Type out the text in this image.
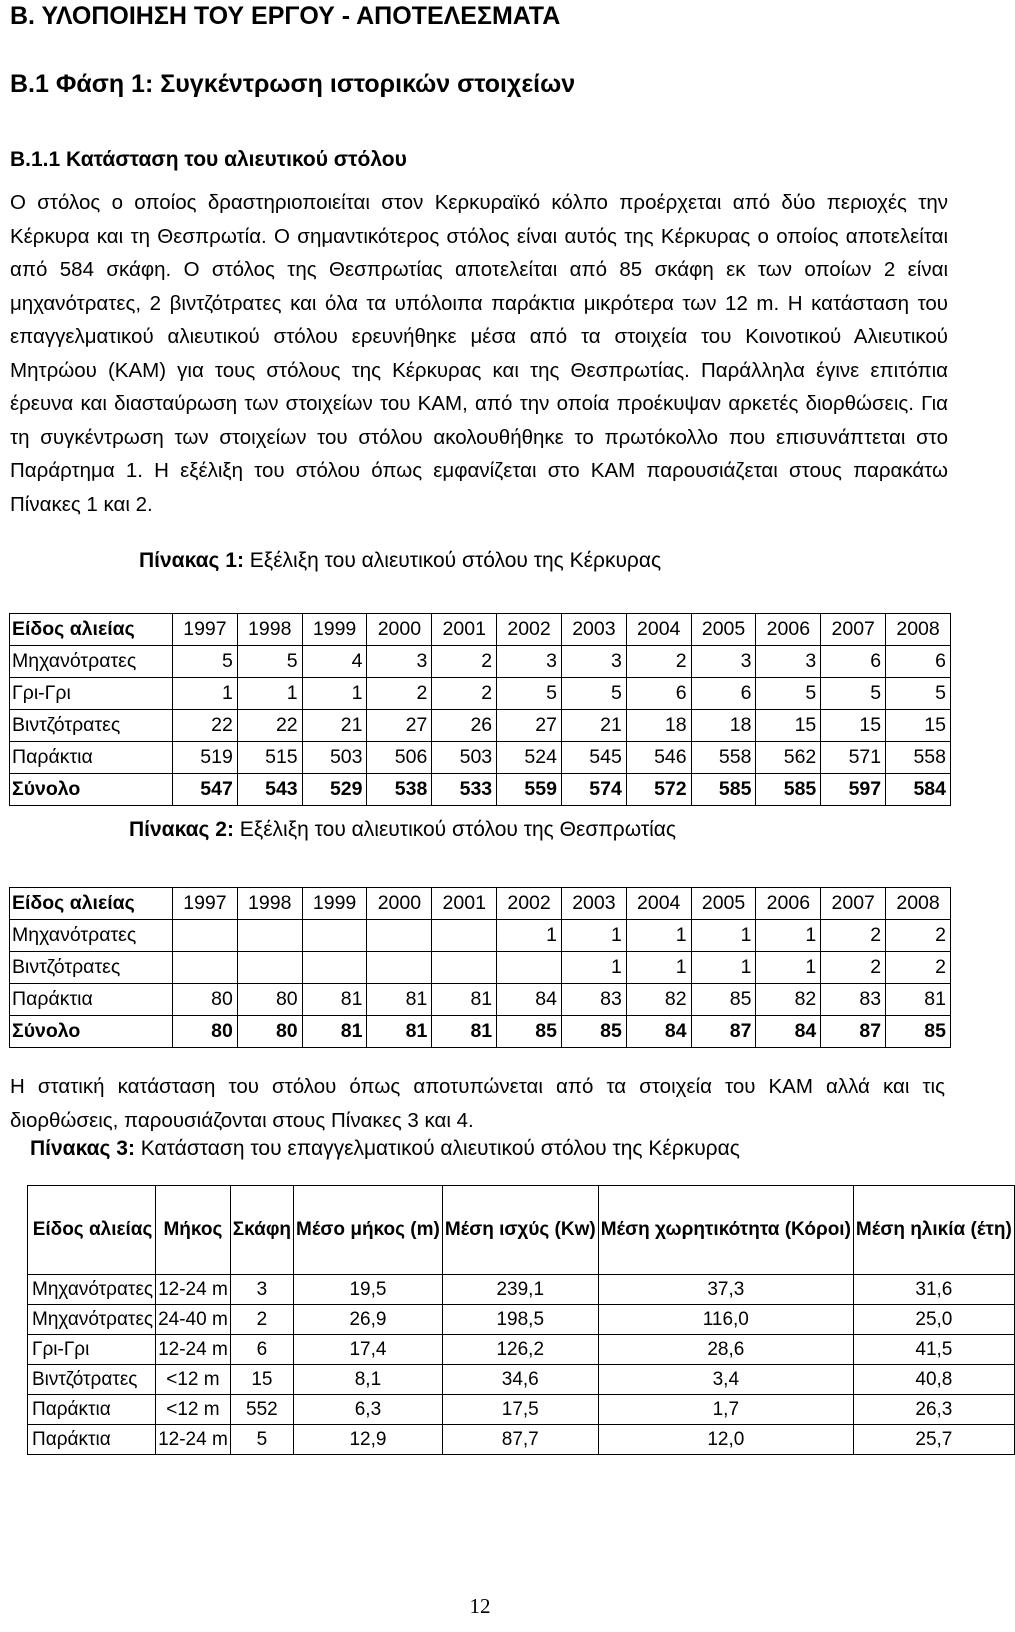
Β. ΥΛΟΠΟΙΗΣΗ ΤΟΥ ΕΡΓΟΥ - ΑΠΟΤΕΛΕΣΜΑΤΑ
Β.1 Φάση 1: Συγκέντρωση ιστορικών στοιχείων
Β.1.1 Κατάσταση του αλιευτικού στόλου

Ο στόλος ο οποίος δραστηριοποιείται στον Κερκυραϊκό κόλπο προέρχεται από δύο περιοχές την Κέρκυρα και τη Θεσπρωτία. Ο σημαντικότερος στόλος είναι αυτός της Κέρκυρας ο οποίος αποτελείται από 584 σκάφη. Ο στόλος της Θεσπρωτίας αποτελείται από 85 σκάφη εκ των οποίων 2 είναι μηχανότρατες, 2 βιντζότρατες και όλα τα υπόλοιπα παράκτια μικρότερα των 12 m. Η κατάσταση του επαγγελματικού αλιευτικού στόλου ερευνήθηκε μέσα από τα στοιχεία του Κοινοτικού Αλιευτικού Μητρώου (ΚΑΜ) για τους στόλους της Κέρκυρας και της Θεσπρωτίας. Παράλληλα έγινε επιτόπια έρευνα και διασταύρωση των στοιχείων του ΚΑΜ, από την οποία προέκυψαν αρκετές διορθώσεις. Για τη συγκέντρωση των στοιχείων του στόλου ακολουθήθηκε το πρωτόκολλο που επισυνάπτεται στο Παράρτημα 1. Η εξέλιξη του στόλου όπως εμφανίζεται στο ΚΑΜ παρουσιάζεται στους παρακάτω Πίνακες 1 και 2.

Πίνακας 1: Εξέλιξη του αλιευτικού στόλου της Κέρκυρας
Είδος αλιείας	1997	1998	1999	2000	2001	2002	2003	2004	2005	2006	2007	2008
Μηχανότρατες	5	5	4	3	2	3	3	2	3	3	6	6
Γρι-Γρι	1	1	1	2	2	5	5	6	6	5	5	5
Βιντζότρατες	22	22	21	27	26	27	21	18	18	15	15	15
Παράκτια	519	515	503	506	503	524	545	546	558	562	571	558
Σύνολο	547	543	529	538	533	559	574	572	585	585	597	584
Πίνακας 2: Εξέλιξη του αλιευτικού στόλου της Θεσπρωτίας
Είδος αλιείας	1997	1998	1999	2000	2001	2002	2003	2004	2005	2006	2007	2008
Μηχανότρατες						1	1	1	1	1	2	2
Βιντζότρατες							1	1	1	1	2	2
Παράκτια	80	80	81	81	81	84	83	82	85	82	83	81
Σύνολο	80	80	81	81	81	85	85	84	87	84	87	85

Η στατική κατάσταση του στόλου όπως αποτυπώνεται από τα στοιχεία του ΚΑΜ αλλά και τις διορθώσεις, παρουσιάζονται στους Πίνακες 3 και 4.

Πίνακας 3: Κατάσταση του επαγγελματικού αλιευτικού στόλου της Κέρκυρας
Είδος αλιείας	Μήκος	Σκάφη	Μέσο μήκος (m)	Μέση ισχύς (Kw)	Μέση χωρητικότητα (Κόροι)	Μέση ηλικία (έτη)
Μηχανότρατες	12-24 m	3	19,5	239,1	37,3	31,6
Μηχανότρατες	24-40 m	2	26,9	198,5	116,0	25,0
Γρι-Γρι	12-24 m	6	17,4	126,2	28,6	41,5
Βιντζότρατες	<12 m	15	8,1	34,6	3,4	40,8
Παράκτια	<12 m	552	6,3	17,5	1,7	26,3
Παράκτια	12-24 m	5	12,9	87,7	12,0	25,7
12
